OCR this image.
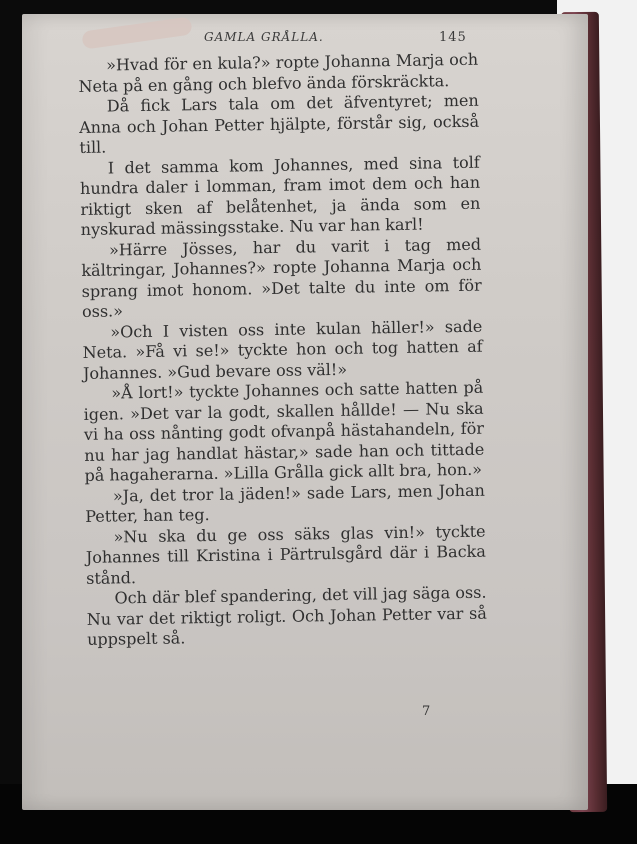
GAMLA GRÅLLA.	145

»Hvad för en kula?» ropte Johanna Marja och Neta på en gång och blefvo ända förskräckta.

Då fick Lars tala om det äfventyret; men Anna och Johan Petter hjälpte, förstår sig, också till.

I det samma kom Johannes, med sina tolf hundra daler i lomman, fram imot dem och han riktigt sken af belåtenhet, ja ända som en nyskurad mässingsstake. Nu var han karl!

»Härre Jösses, har du varit i tag med kältringar, Johannes?» ropte Johanna Marja och sprang imot honom. »Det talte du inte om för oss.»

»Och I visten oss inte kulan häller!» sade Neta. »Få vi se!» tyckte hon och tog hatten af Johannes. »Gud bevare oss väl!»

»Å lort!» tyckte Johannes och satte hatten på igen. »Det var la godt, skallen hållde! — Nu ska vi ha oss nånting godt ofvanpå hästahandeln, för nu har jag handlat hästar,» sade han och tittade på hagaherarna. »Lilla Grålla gick allt bra, hon.»

»Ja, det tror la jäden!» sade Lars, men Johan Petter, han teg.

»Nu ska du ge oss säks glas vin!» tyckte Johannes till Kristina i Pärtrulsgård där i Backa stånd.

Och där blef spandering, det vill jag säga oss. Nu var det riktigt roligt. Och Johan Petter var så uppspelt så.

7
